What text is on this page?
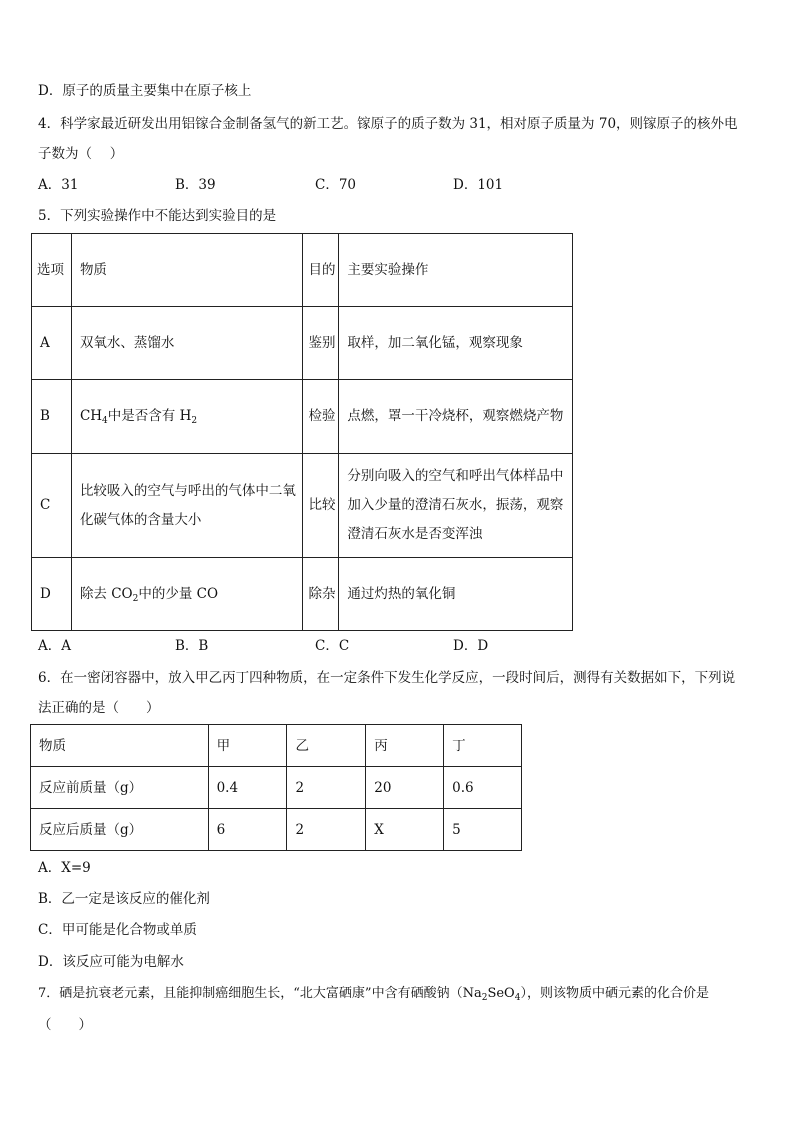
D．原子的质量主要集中在原子核上
4．科学家最近研发出用铝镓合金制备氢气的新工艺。镓原子的质子数为 31，相对原子质量为 70，则镓原子的核外电
子数为（　 ）
A．31	B．39	C．70	D．101
5．下列实验操作中不能达到实验目的是
选项	物质	目的	主要实验操作
A	双氧水、蒸馏水	鉴别	取样，加二氧化锰，观察现象
B	$CH_4$中是否含有 $H_2$	检验	点燃，罩一干冷烧杯，观察燃烧产物
C	比较吸入的空气与呼出的气体中二氧化碳气体的含量大小	比较	分别向吸入的空气和呼出气体样品中加入少量的澄清石灰水，振荡，观察澄清石灰水是否变浑浊
D	除去 $CO_2$中的少量 CO	除杂	通过灼热的氧化铜
A．A	B．B	C．C	D．D
6．在一密闭容器中，放入甲乙丙丁四种物质，在一定条件下发生化学反应，一段时间后，测得有关数据如下，下列说
法正确的是（　　）
物质	甲	乙	丙	丁
反应前质量（g）	0.4	2	20	0.6
反应后质量（g）	6	2	X	5
A．X=9
B．乙一定是该反应的催化剂
C．甲可能是化合物或单质
D．该反应可能为电解水
7．硒是抗衰老元素，且能抑制癌细胞生长，“北大富硒康”中含有硒酸钠$(Na_2SeO_4)$，则该物质中硒元素的化合价是
（　　）
